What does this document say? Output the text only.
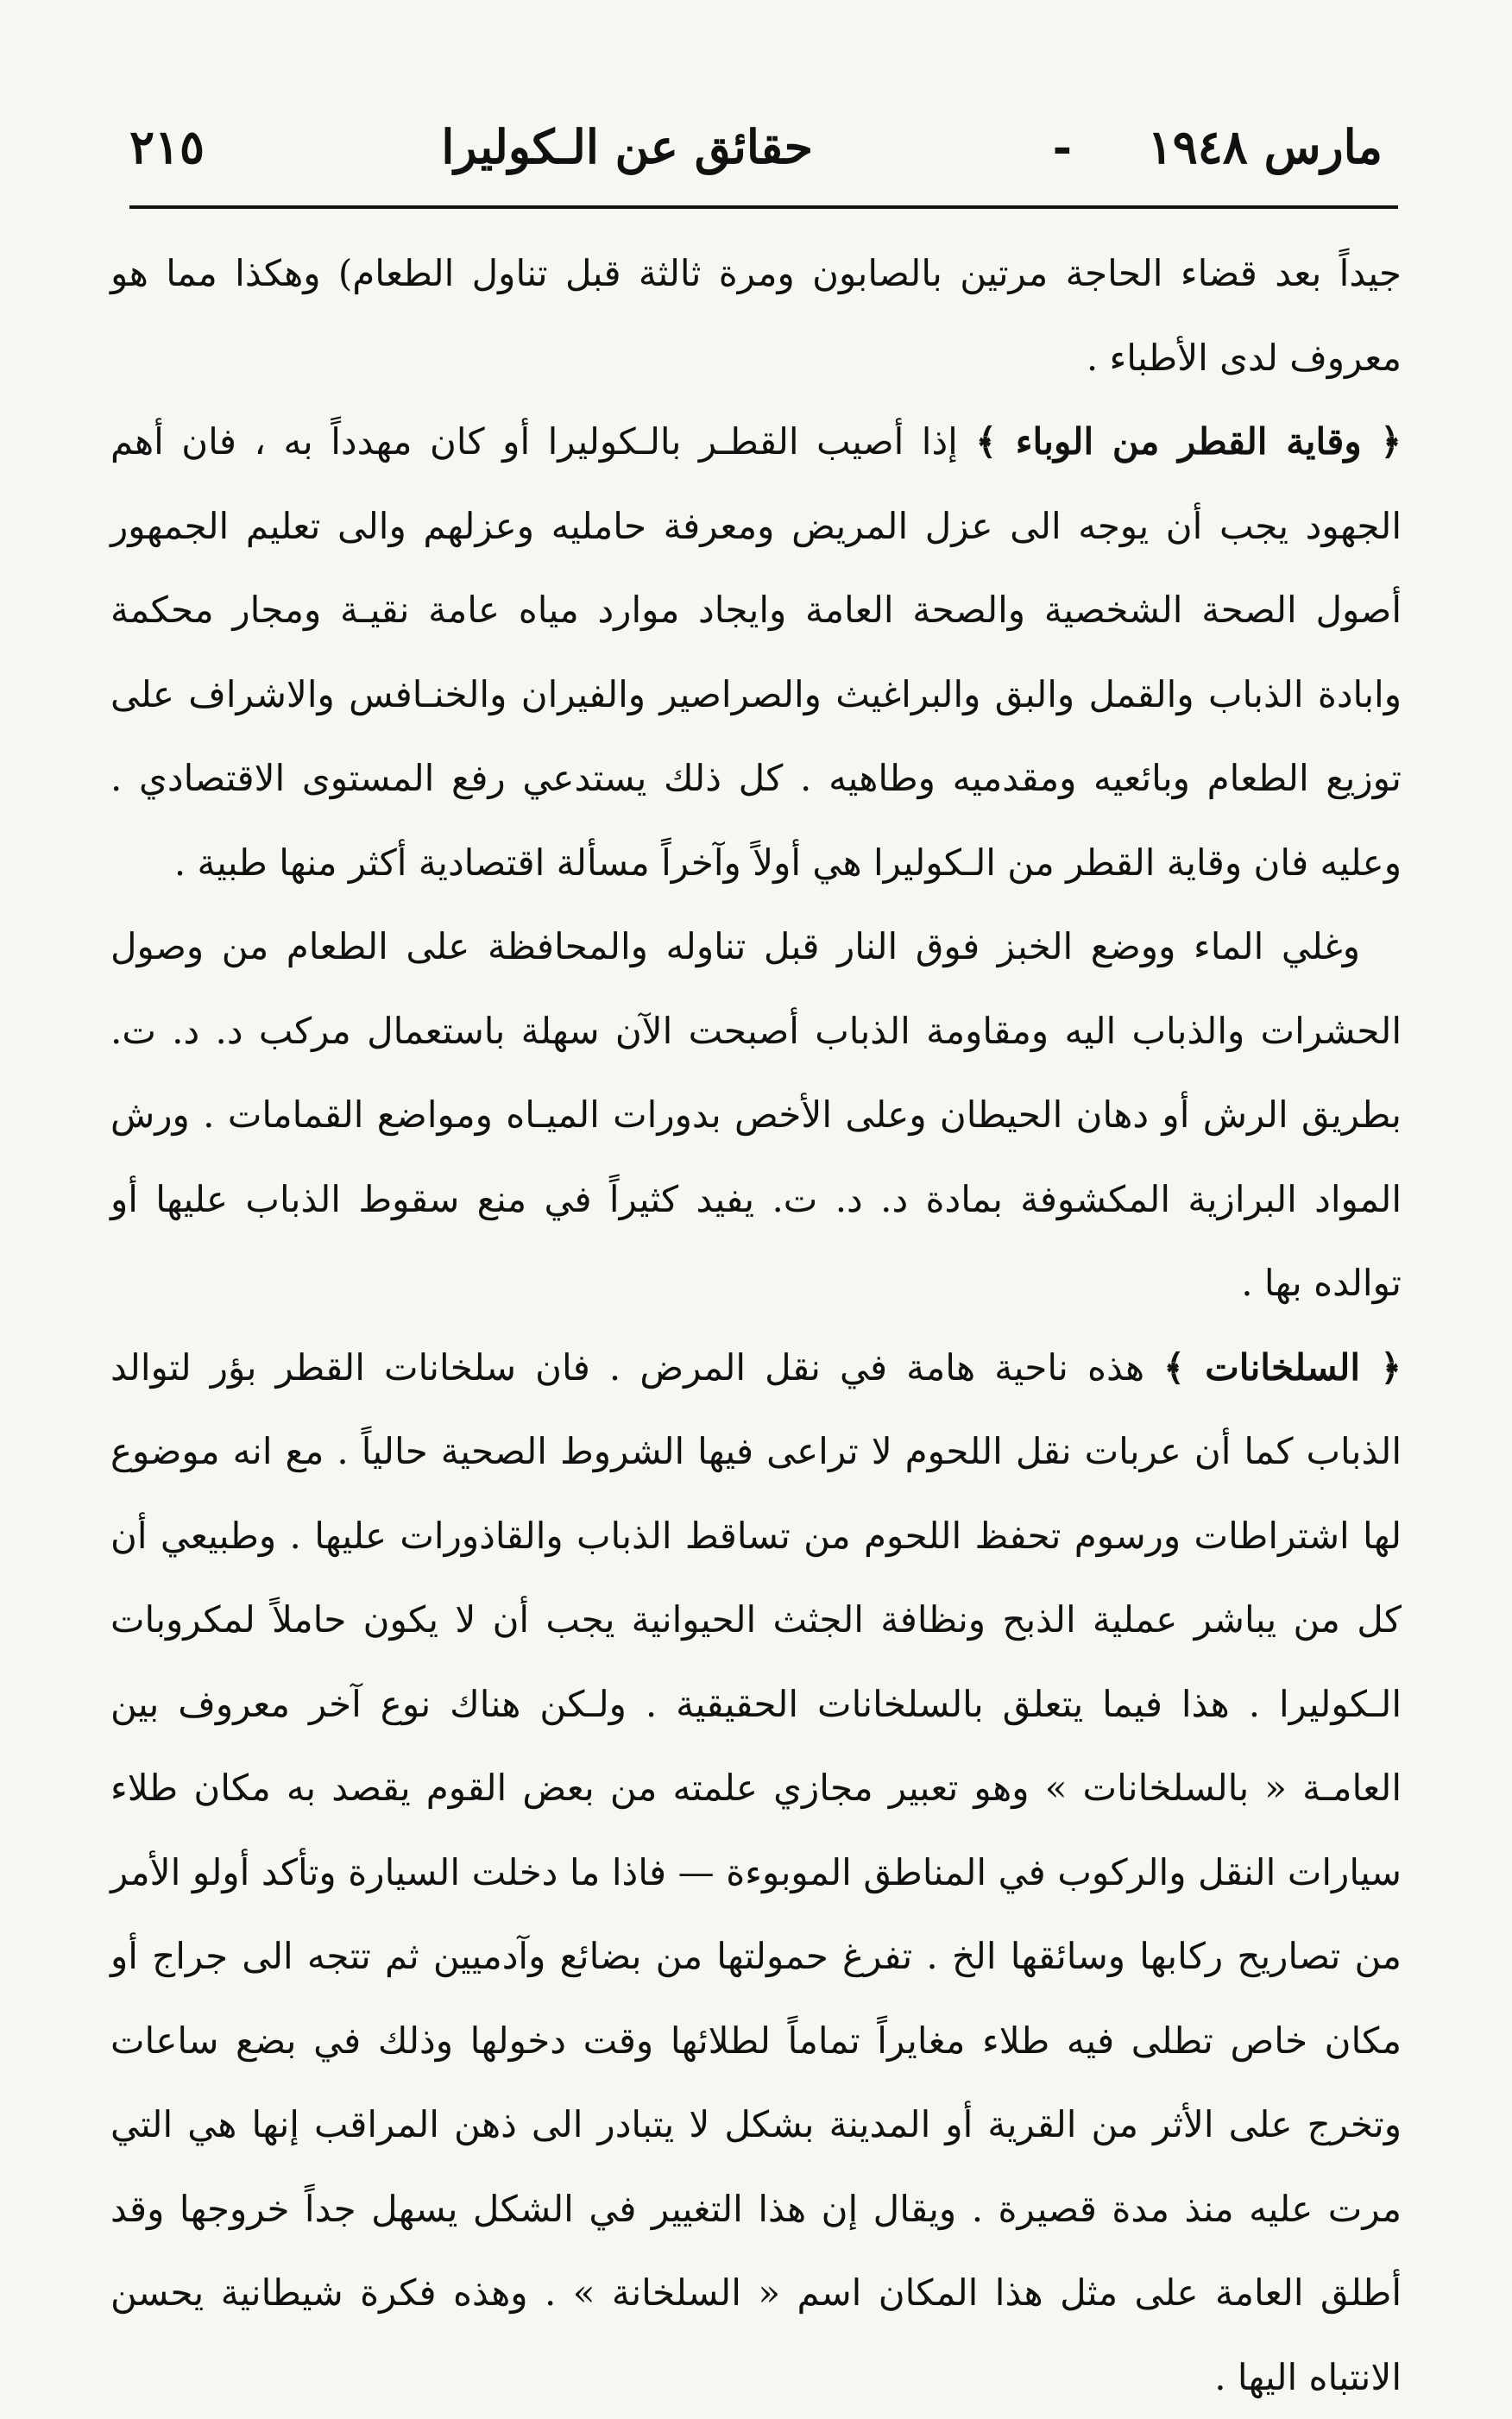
مارس ١٩٤٨
-
حقائق عن الـكوليرا
٢١٥

جيداً بعد قضاء الحاجة مرتين بالصابون ومرة ثالثة قبل تناول الطعام) وهكذا مما هو معروف لدى الأطباء .

﴿ وقاية القطر من الوباء ﴾ إذا أصيب القطـر بالـكوليرا أو كان مهدداً به ، فان أهم الجهود يجب أن يوجه الى عزل المريض ومعرفة حامليه وعزلهم والى تعليم الجمهور أصول الصحة الشخصية والصحة العامة وايجاد موارد مياه عامة نقيـة ومجار محكمة وابادة الذباب والقمل والبق والبراغيث والصراصير والفيران والخنـافس والاشراف على توزيع الطعام وبائعيه ومقدميه وطاهيه . كل ذلك يستدعي رفع المستوى الاقتصادي . وعليه فان وقاية القطر من الـكوليرا هي أولاً وآخراً مسألة اقتصادية أكثر منها طبية .

وغلي الماء ووضع الخبز فوق النار قبل تناوله والمحافظة على الطعام من وصول الحشرات والذباب اليه ومقاومة الذباب أصبحت الآن سهلة باستعمال مركب د. د. ت. بطريق الرش أو دهان الحيطان وعلى الأخص بدورات الميـاه ومواضع القمامات . ورش المواد البرازية المكشوفة بمادة د. د. ت. يفيد كثيراً في منع سقوط الذباب عليها أو توالده بها .

﴿ السلخانات ﴾ هذه ناحية هامة في نقل المرض . فان سلخانات القطر بؤر لتوالد الذباب كما أن عربات نقل اللحوم لا تراعى فيها الشروط الصحية حالياً . مع انه موضوع لها اشتراطات ورسوم تحفظ اللحوم من تساقط الذباب والقاذورات عليها . وطبيعي أن كل من يباشر عملية الذبح ونظافة الجثث الحيوانية يجب أن لا يكون حاملاً لمكروبات الـكوليرا . هذا فيما يتعلق بالسلخانات الحقيقية . ولـكن هناك نوع آخر معروف بين العامـة « بالسلخانات » وهو تعبير مجازي علمته من بعض القوم يقصد به مكان طلاء سيارات النقل والركوب في المناطق الموبوءة — فاذا ما دخلت السيارة وتأكد أولو الأمر من تصاريح ركابها وسائقها الخ . تفرغ حمولتها من بضائع وآدميين ثم تتجه الى جراج أو مكان خاص تطلى فيه طلاء مغايراً تماماً لطلائها وقت دخولها وذلك في بضع ساعات وتخرج على الأثر من القرية أو المدينة بشكل لا يتبادر الى ذهن المراقب إنها هي التي مرت عليه منذ مدة قصيرة . ويقال إن هذا التغيير في الشكل يسهل جداً خروجها وقد أطلق العامة على مثل هذا المكان اسم « السلخانة » . وهذه فكرة شيطانية يحسن الانتباه اليها .
